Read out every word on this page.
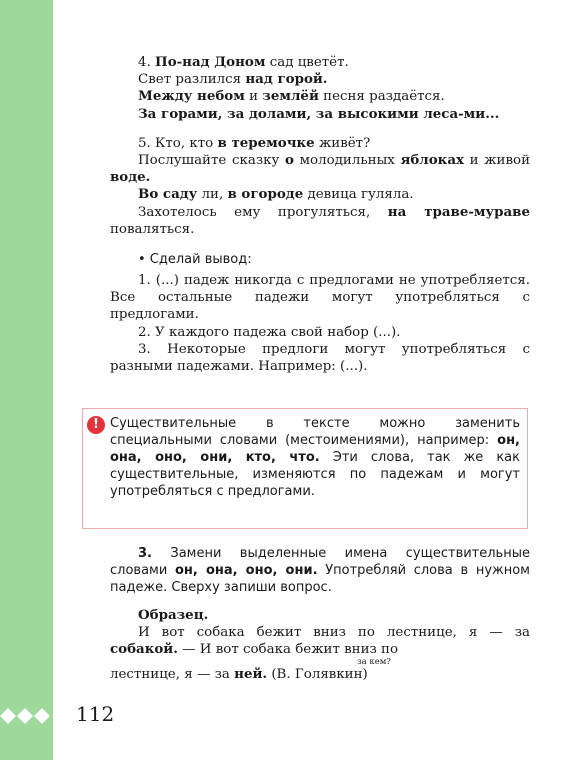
112

4. По-над Доном сад цветёт.

Свет разлился над горой.

Между небом и землёй песня раздаётся.

За горами, за долами, за высокими леса-ми...

5. Кто, кто в теремочке живёт?

Послушайте сказку о молодильных яблоках и живой воде.

Во саду ли, в огороде девица гуляла.

Захотелось ему прогуляться, на траве-мураве поваляться.

• Сделай вывод:

1. (...) падеж никогда с предлогами не употребляется. Все остальные падежи могут употребляться с предлогами.

2. У каждого падежа свой набор (...).

3. Некоторые предлоги могут употребляться с разными падежами. Например: (...).

! Существительные в тексте можно заменить специальными словами (местоимениями), например: он, она, оно, они, кто, что. Эти слова, так же как существительные, изменяются по падежам и могут употребляться с предлогами.

3. Замени выделенные имена существительные словами он, она, оно, они. Употребляй слова в нужном падеже. Сверху запиши вопрос.

Образец.

И вот собака бежит вниз по лестнице, я — за собакой. — И вот собака бежит вниз по

за кем?

лестнице, я — за ней. (В. Голявкин)
